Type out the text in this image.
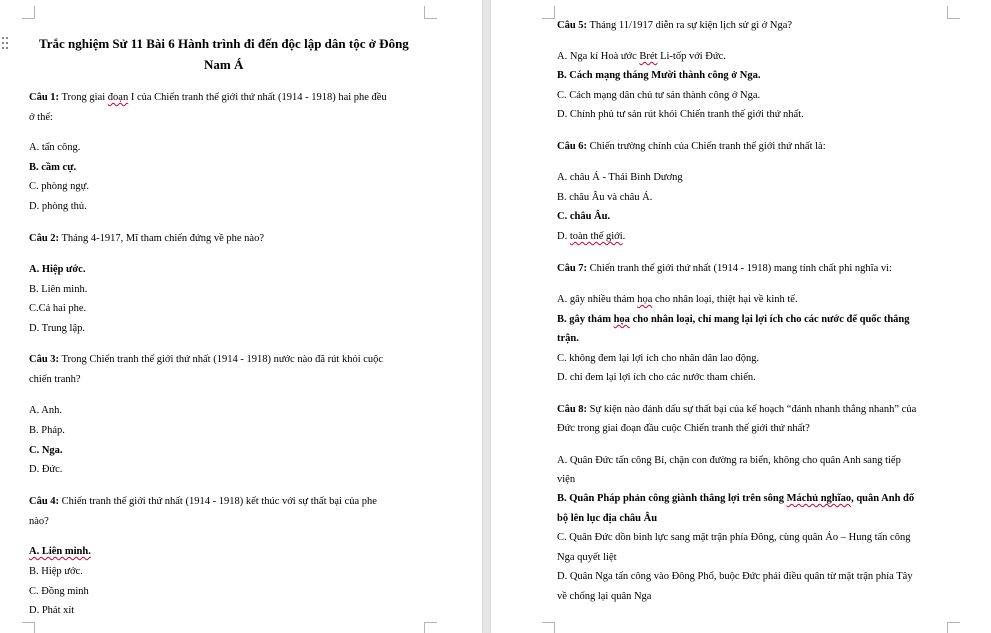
Trắc nghiệm Sử 11 Bài 6 Hành trình đi đến độc lập dân tộc ở Đông
Nam Á
Câu 1: Trong giai đoạn I của Chiến tranh thế giới thứ nhất (1914 - 1918) hai phe đều
ở thế:
A. tấn công.
B. cầm cự.
C. phòng ngự.
D. phòng thủ.
Câu 2: Tháng 4-1917, Mĩ tham chiến đứng về phe nào?
A. Hiệp ước.
B. Liên minh.
C.Cả hai phe.
D. Trung lập.
Câu 3: Trong Chiến tranh thế giới thứ nhất (1914 - 1918) nước nào đã rút khỏi cuộc
chiến tranh?
A. Anh.
B. Pháp.
C. Nga.
D. Đức.
Câu 4: Chiến tranh thế giới thứ nhất (1914 - 1918) kết thúc với sự thất bại của phe
nào?
A. Liên minh.
B. Hiệp ước.
C. Đồng minh
D. Phát xít
Câu 5: Tháng 11/1917 diễn ra sự kiện lịch sử gì ở Nga?
A. Nga kí Hoà ước Brét Li-tốp với Đức.
B. Cách mạng tháng Mười thành công ở Nga.
C. Cách mạng dân chủ tư sản thành công ở Nga.
D. Chính phủ tư sản rút khỏi Chiến tranh thế giới thứ nhất.
Câu 6: Chiến trường chính của Chiến tranh thế giới thứ nhất là:
A. châu Á - Thái Bình Dương
B. châu Âu và châu Á.
C. châu Âu.
D. toàn thế giới.
Câu 7: Chiến tranh thế giới thứ nhất (1914 - 1918) mang tính chất phi nghĩa vì:
A. gây nhiều thảm họa cho nhân loại, thiệt hại về kinh tế.
B. gây thảm họa cho nhân loại, chỉ mang lại lợi ích cho các nước đế quốc thắng
trận.
C. không đem lại lợi ích cho nhân dân lao động.
D. chỉ đem lại lợi ích cho các nước tham chiến.
Câu 8: Sự kiện nào đánh dấu sự thất bại của kế hoạch “đánh nhanh thắng nhanh” của
Đức trong giai đoạn đầu cuộc Chiến tranh thế giới thứ nhất?
A. Quân Đức tấn công Bỉ, chặn con đường ra biển, không cho quân Anh sang tiếp
viện
B. Quân Pháp phản công giành thắng lợi trên sông Máchủ nghĩao, quân Anh đổ
bộ lên lục địa châu Âu
C. Quân Đức dồn binh lực sang mặt trận phía Đông, cùng quân Áo – Hung tấn công
Nga quyết liệt
D. Quân Nga tấn công vào Đông Phổ, buộc Đức phải điều quân từ mặt trận phía Tây
về chống lại quân Nga
